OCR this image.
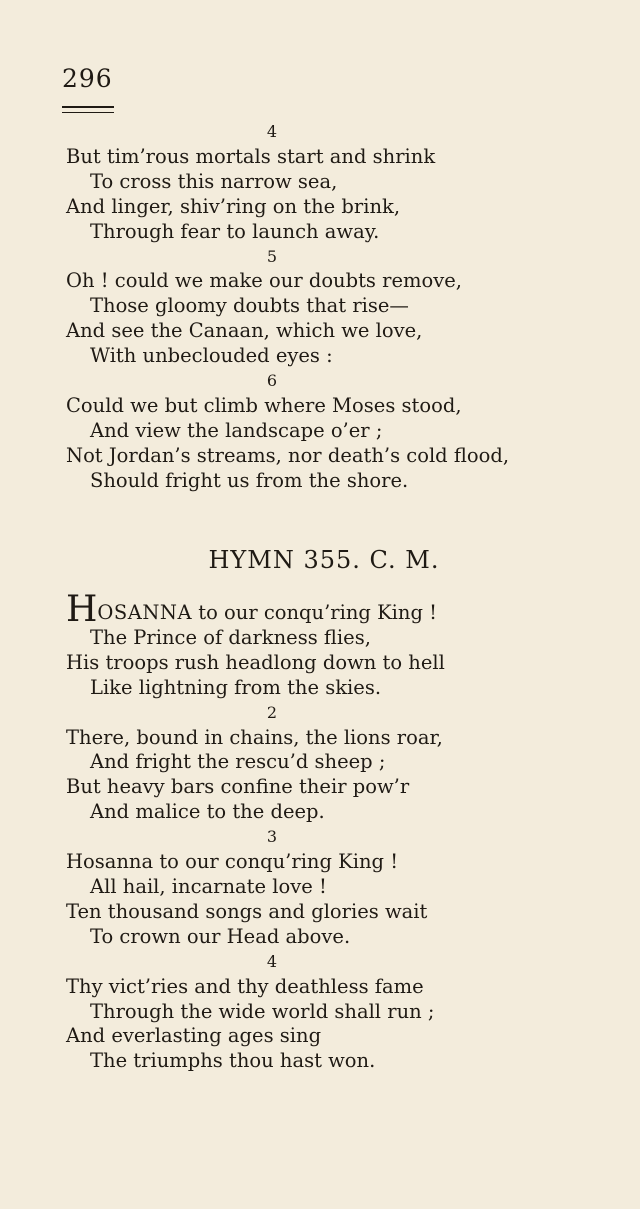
296
4
But tim’rous mortals start and shrink
To cross this narrow sea,
And linger, shiv’ring on the brink,
Through fear to launch away.
5
Oh ! could we make our doubts remove,
Those gloomy doubts that rise—
And see the Canaan, which we love,
With unbeclouded eyes :
6
Could we but climb where Moses stood,
And view the landscape o’er ;
Not Jordan’s streams, nor death’s cold flood,
Should fright us from the shore.
HYMN 355. C. M.
HOSANNA to our conqu’ring King !
The Prince of darkness flies,
His troops rush headlong down to hell
Like lightning from the skies.
2
There, bound in chains, the lions roar,
And fright the rescu’d sheep ;
But heavy bars confine their pow’r
And malice to the deep.
3
Hosanna to our conqu’ring King !
All hail, incarnate love !
Ten thousand songs and glories wait
To crown our Head above.
4
Thy vict’ries and thy deathless fame
Through the wide world shall run ;
And everlasting ages sing
The triumphs thou hast won.
